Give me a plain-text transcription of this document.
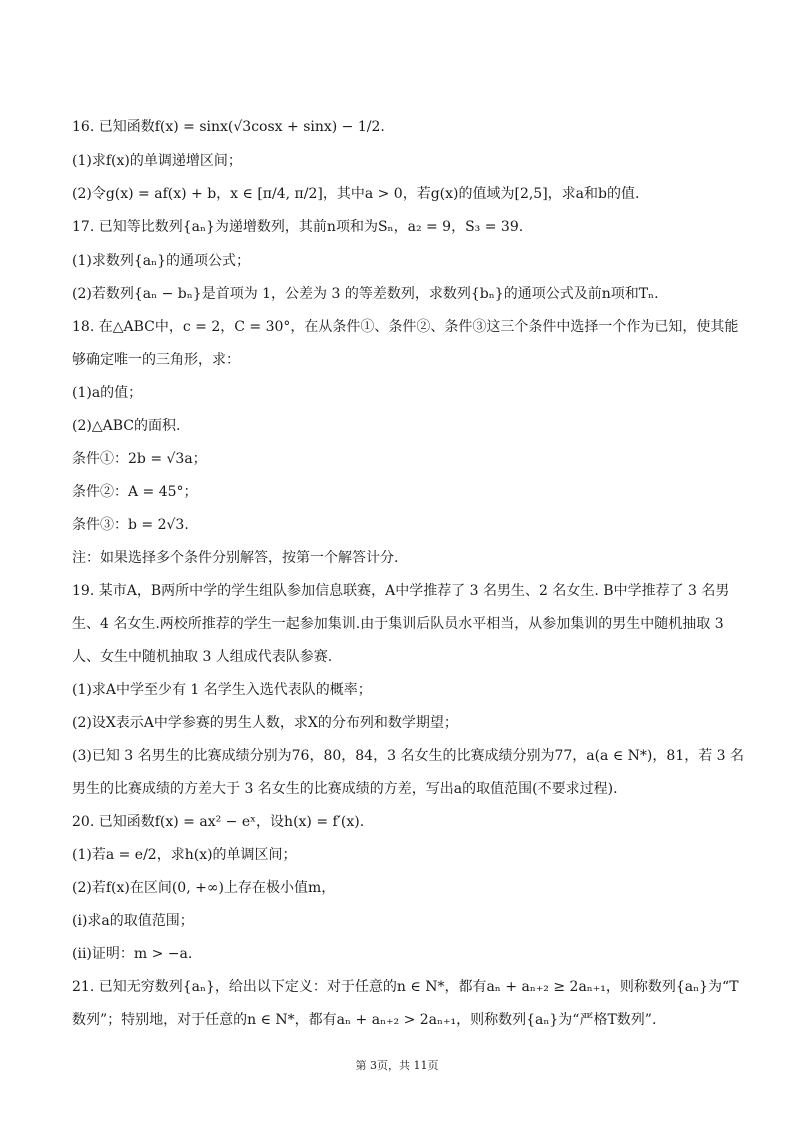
16. 已知函数f(x) = sinx(√3cosx + sinx) − 1/2.
(1)求f(x)的单调递增区间；
(2)令g(x) = af(x) + b，x ∈ [π/4, π/2]，其中a > 0，若g(x)的值域为[2,5]，求a和b的值.
17. 已知等比数列{aₙ}为递增数列，其前n项和为Sₙ，a₂ = 9，S₃ = 39.
(1)求数列{aₙ}的通项公式；
(2)若数列{aₙ − bₙ}是首项为 1，公差为 3 的等差数列，求数列{bₙ}的通项公式及前n项和Tₙ.
18. 在△ABC中，c = 2，C = 30°，在从条件①、条件②、条件③这三个条件中选择一个作为已知，使其能
够确定唯一的三角形，求：
(1)a的值；
(2)△ABC的面积.
条件①：2b = √3a；
条件②：A = 45°；
条件③：b = 2√3.
注：如果选择多个条件分别解答，按第一个解答计分.
19. 某市A，B两所中学的学生组队参加信息联赛，A中学推荐了 3 名男生、2 名女生. B中学推荐了 3 名男
生、4 名女生.两校所推荐的学生一起参加集训.由于集训后队员水平相当，从参加集训的男生中随机抽取 3
人、女生中随机抽取 3 人组成代表队参赛.
(1)求A中学至少有 1 名学生入选代表队的概率；
(2)设X表示A中学参赛的男生人数，求X的分布列和数学期望；
(3)已知 3 名男生的比赛成绩分别为76，80，84，3 名女生的比赛成绩分别为77，a(a ∈ N*)，81，若 3 名
男生的比赛成绩的方差大于 3 名女生的比赛成绩的方差，写出a的取值范围(不要求过程).
20. 已知函数f(x) = ax² − eˣ，设h(x) = f′(x).
(1)若a = e/2，求h(x)的单调区间；
(2)若f(x)在区间(0, +∞)上存在极小值m，
(i)求a的取值范围；
(ii)证明：m > −a.
21. 已知无穷数列{aₙ}，给出以下定义：对于任意的n ∈ N*，都有aₙ + aₙ₊₂ ≥ 2aₙ₊₁，则称数列{aₙ}为“T
数列”；特别地，对于任意的n ∈ N*，都有aₙ + aₙ₊₂ > 2aₙ₊₁，则称数列{aₙ}为“严格T数列”.
第 3页，共 11页
